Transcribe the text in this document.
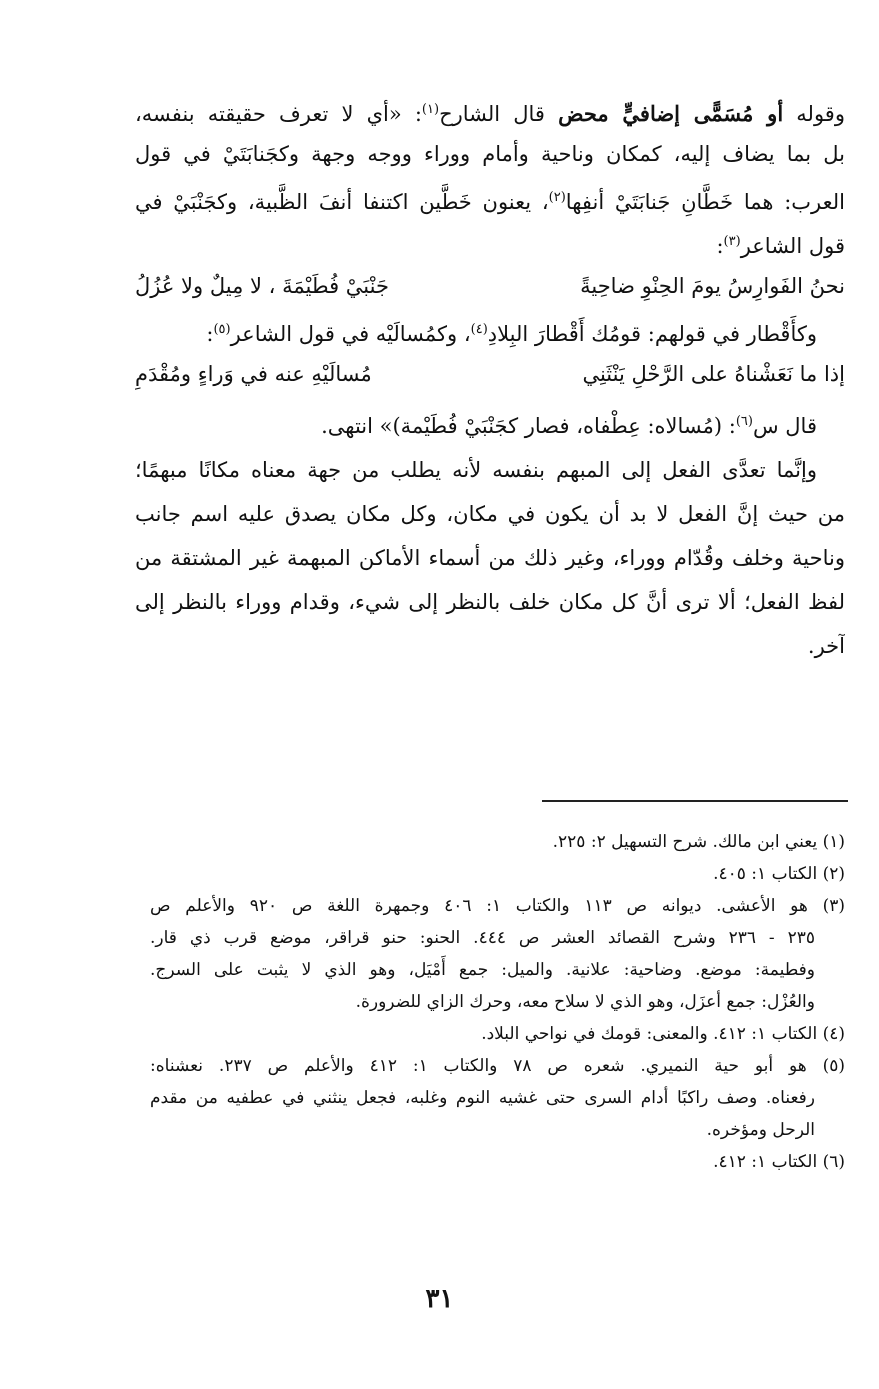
وقوله أو مُسَمًّى إضافيٍّ محض قال الشارح$^{(١)}$: «أي لا تعرف حقيقته بنفسه،
بل بما يضاف إليه، كمكان وناحية وأمام ووراء ووجه وجهة وكجَنابَتَيْ في قول
العرب: هما خَطَّانِ جَنابَتَيْ أنفِها$^{(٢)}$، يعنون خَطَّين اكتنفا أنفَ الظَّبية، وكجَنْبَيْ في
قول الشاعر$^{(٣)}$:
نحنُ الفَوارِسُ يومَ الحِنْوِ ضاحِيةً
جَنْبَيْ فُطَيْمَةَ ، لا مِيلٌ ولا عُزُلُ
وكأَقْطار في قولهم: قومُك أَقْطارَ البِلادِ$^{(٤)}$، وكمُسالَيْه في قول الشاعر$^{(٥)}$:
إذا ما نَعَشْناهُ على الرَّحْلِ يَنْثَنِي
مُسالَيْهِ عنه في وَراءٍ ومُقْدَمِ
قال س$^{(٦)}$: (مُسالاه: عِطْفاه، فصار كجَنْبَيْ فُطَيْمة)» انتهى.
وإنَّما تعدَّى الفعل إلى المبهم بنفسه لأنه يطلب من جهة معناه مكانًا مبهمًا؛
من حيث إنَّ الفعل لا بد أن يكون في مكان، وكل مكان يصدق عليه اسم جانب
وناحية وخلف وقُدّام ووراء، وغير ذلك من أسماء الأماكن المبهمة غير المشتقة من
لفظ الفعل؛ ألا ترى أنَّ كل مكان خلف بالنظر إلى شيء، وقدام ووراء بالنظر إلى
آخر.
(١) يعني ابن مالك. شرح التسهيل ٢: ٢٢٥.
(٢) الكتاب ١: ٤٠٥.
(٣) هو الأعشى. ديوانه ص ١١٣ والكتاب ١: ٤٠٦ وجمهرة اللغة ص ٩٢٠ والأعلم ص
٢٣٥ - ٢٣٦ وشرح القصائد العشر ص ٤٤٤. الحنو: حنو قراقر، موضع قرب ذي قار.
وفطيمة: موضع. وضاحية: علانية. والميل: جمع أَمْيَل، وهو الذي لا يثبت على السرج.
والعُزْل: جمع أعزَل، وهو الذي لا سلاح معه، وحرك الزاي للضرورة.
(٤) الكتاب ١: ٤١٢. والمعنى: قومك في نواحي البلاد.
(٥) هو أبو حية النميري. شعره ص ٧٨ والكتاب ١: ٤١٢ والأعلم ص ٢٣٧. نعشناه:
رفعناه. وصف راكبًا أدام السرى حتى غشيه النوم وغلبه، فجعل ينثني في عطفيه من مقدم
الرحل ومؤخره.
(٦) الكتاب ١: ٤١٢.
٣١
